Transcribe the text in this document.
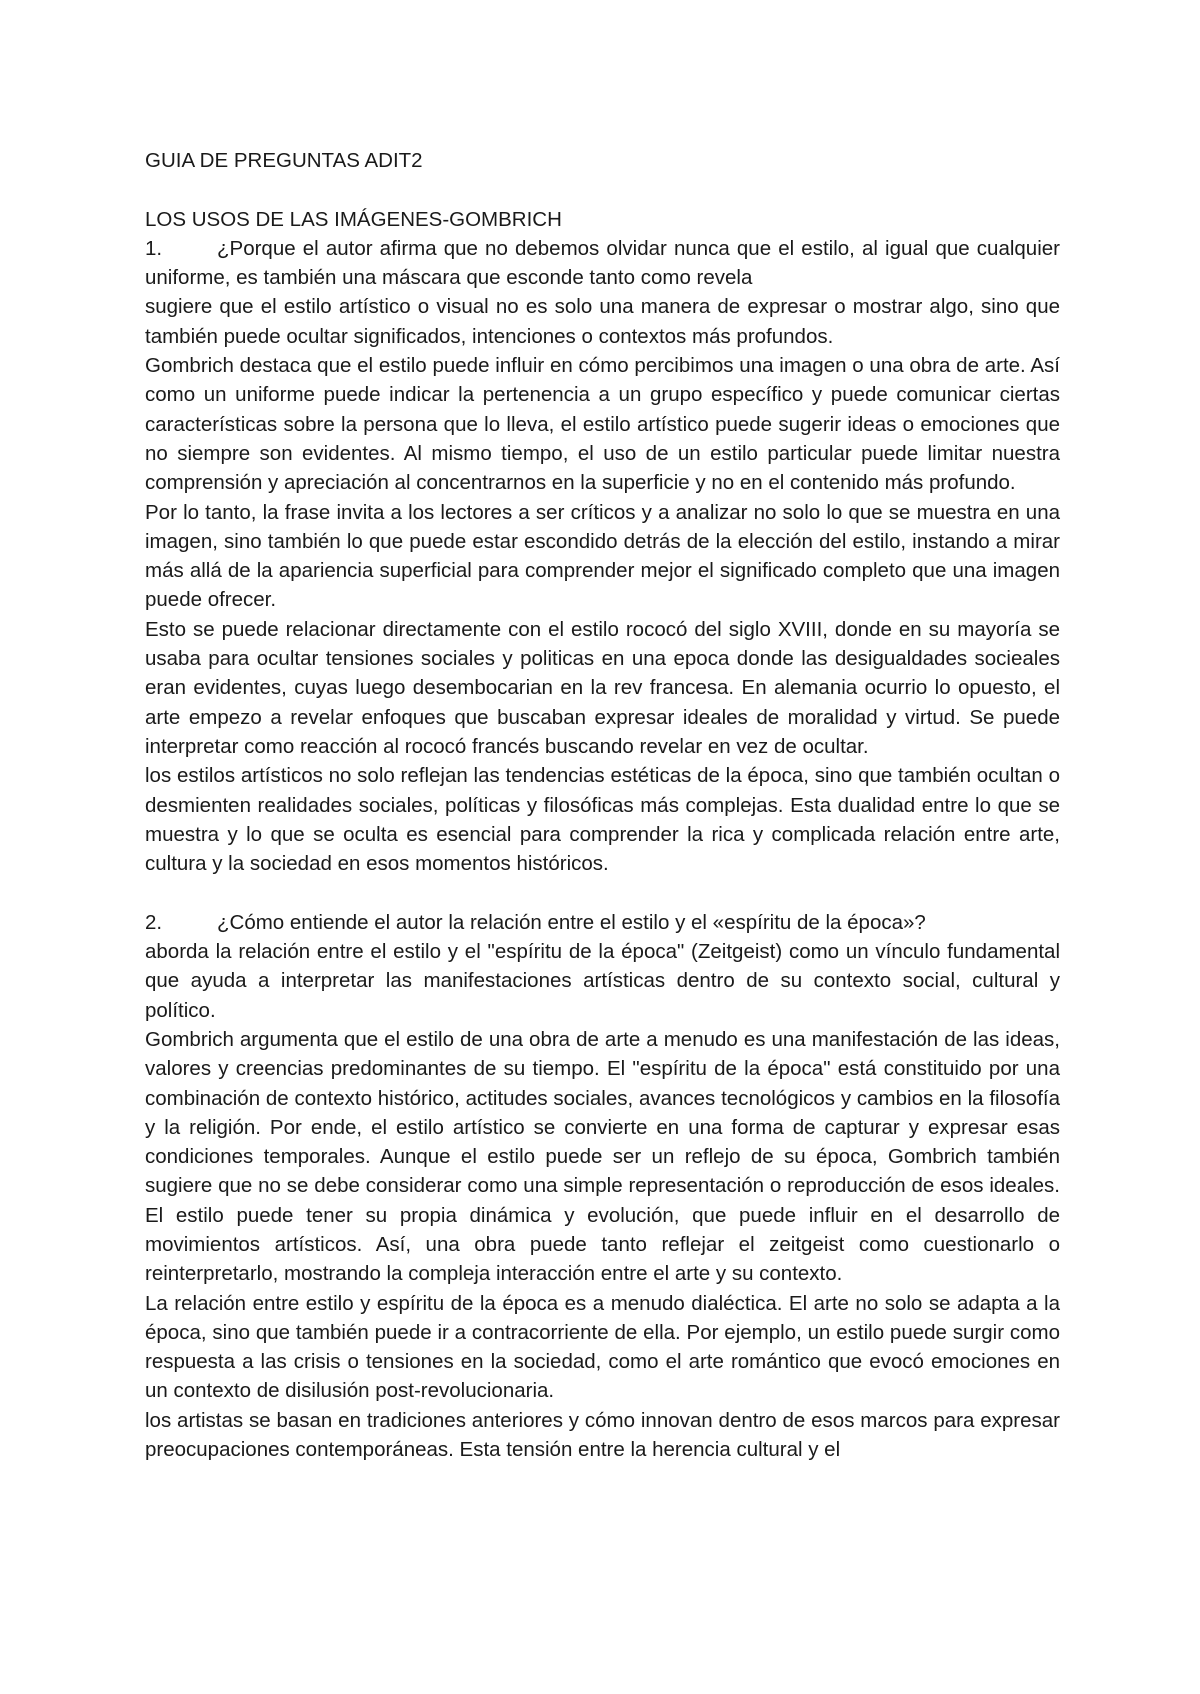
GUIA DE PREGUNTAS ADIT2
LOS USOS DE LAS IMÁGENES-GOMBRICH

1.	¿Porque el autor afirma que no debemos olvidar nunca que el estilo, al igual que cualquier uniforme, es también una máscara que esconde tanto como revela

sugiere que el estilo artístico o visual no es solo una manera de expresar o mostrar algo, sino que también puede ocultar significados, intenciones o contextos más profundos.

Gombrich destaca que el estilo puede influir en cómo percibimos una imagen o una obra de arte. Así como un uniforme puede indicar la pertenencia a un grupo específico y puede comunicar ciertas características sobre la persona que lo lleva, el estilo artístico puede sugerir ideas o emociones que no siempre son evidentes. Al mismo tiempo, el uso de un estilo particular puede limitar nuestra comprensión y apreciación al concentrarnos en la superficie y no en el contenido más profundo.

Por lo tanto, la frase invita a los lectores a ser críticos y a analizar no solo lo que se muestra en una imagen, sino también lo que puede estar escondido detrás de la elección del estilo, instando a mirar más allá de la apariencia superficial para comprender mejor el significado completo que una imagen puede ofrecer.

Esto se puede relacionar directamente con el estilo rococó del siglo XVIII, donde en su mayoría se usaba para ocultar tensiones sociales y politicas en una epoca donde las desigualdades socieales eran evidentes, cuyas luego desembocarian en la rev francesa. En alemania ocurrio lo opuesto, el arte empezo a revelar enfoques que buscaban expresar ideales de moralidad y virtud. Se puede interpretar como reacción al rococó francés buscando revelar en vez de ocultar.

los estilos artísticos no solo reflejan las tendencias estéticas de la época, sino que también ocultan o desmienten realidades sociales, políticas y filosóficas más complejas. Esta dualidad entre lo que se muestra y lo que se oculta es esencial para comprender la rica y complicada relación entre arte, cultura y la sociedad en esos momentos históricos.

2.	¿Cómo entiende el autor la relación entre el estilo y el «espíritu de la época»?

aborda la relación entre el estilo y el "espíritu de la época" (Zeitgeist) como un vínculo fundamental que ayuda a interpretar las manifestaciones artísticas dentro de su contexto social, cultural y político.

Gombrich argumenta que el estilo de una obra de arte a menudo es una manifestación de las ideas, valores y creencias predominantes de su tiempo. El "espíritu de la época" está constituido por una combinación de contexto histórico, actitudes sociales, avances tecnológicos y cambios en la filosofía y la religión. Por ende, el estilo artístico se convierte en una forma de capturar y expresar esas condiciones temporales. Aunque el estilo puede ser un reflejo de su época, Gombrich también sugiere que no se debe considerar como una simple representación o reproducción de esos ideales. El estilo puede tener su propia dinámica y evolución, que puede influir en el desarrollo de movimientos artísticos. Así, una obra puede tanto reflejar el zeitgeist como cuestionarlo o reinterpretarlo, mostrando la compleja interacción entre el arte y su contexto.

La relación entre estilo y espíritu de la época es a menudo dialéctica. El arte no solo se adapta a la época, sino que también puede ir a contracorriente de ella. Por ejemplo, un estilo puede surgir como respuesta a las crisis o tensiones en la sociedad, como el arte romántico que evocó emociones en un contexto de disilusión post-revolucionaria.

los artistas se basan en tradiciones anteriores y cómo innovan dentro de esos marcos para expresar preocupaciones contemporáneas. Esta tensión entre la herencia cultural y el
